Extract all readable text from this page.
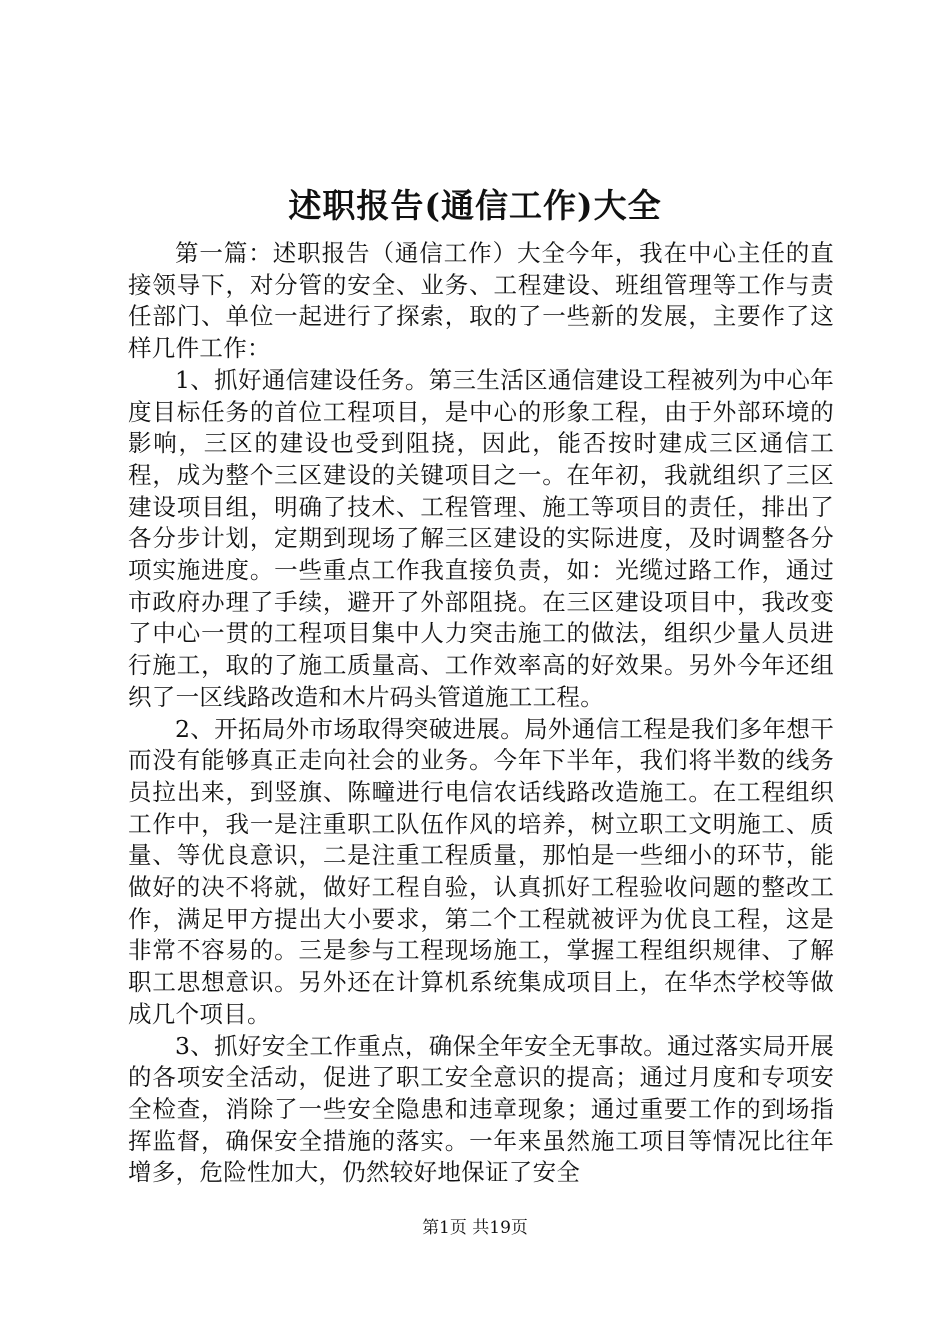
述职报告(通信工作)大全

第一篇：述职报告（通信工作）大全今年，我在中心主任的直接领导下，对分管的安全、业务、工程建设、班组管理等工作与责任部门、单位一起进行了探索，取的了一些新的发展，主要作了这样几件工作：

1、抓好通信建设任务。第三生活区通信建设工程被列为中心年度目标任务的首位工程项目，是中心的形象工程，由于外部环境的影响，三区的建设也受到阻挠，因此，能否按时建成三区通信工程，成为整个三区建设的关键项目之一。在年初，我就组织了三区建设项目组，明确了技术、工程管理、施工等项目的责任，排出了各分步计划，定期到现场了解三区建设的实际进度，及时调整各分项实施进度。一些重点工作我直接负责，如：光缆过路工作，通过市政府办理了手续，避开了外部阻挠。在三区建设项目中，我改变了中心一贯的工程项目集中人力突击施工的做法，组织少量人员进行施工，取的了施工质量高、工作效率高的好效果。另外今年还组织了一区线路改造和木片码头管道施工工程。

2、开拓局外市场取得突破进展。局外通信工程是我们多年想干而没有能够真正走向社会的业务。今年下半年，我们将半数的线务员拉出来，到竖旗、陈疃进行电信农话线路改造施工。在工程组织工作中，我一是注重职工队伍作风的培养，树立职工文明施工、质量、等优良意识，二是注重工程质量，那怕是一些细小的环节，能做好的决不将就，做好工程自验，认真抓好工程验收问题的整改工作，满足甲方提出大小要求，第二个工程就被评为优良工程，这是非常不容易的。三是参与工程现场施工，掌握工程组织规律、了解职工思想意识。另外还在计算机系统集成项目上，在华杰学校等做成几个项目。

3、抓好安全工作重点，确保全年安全无事故。通过落实局开展的各项安全活动，促进了职工安全意识的提高；通过月度和专项安全检查，消除了一些安全隐患和违章现象；通过重要工作的到场指挥监督，确保安全措施的落实。一年来虽然施工项目等情况比往年增多，危险性加大，仍然较好地保证了安全

第1页 共19页
